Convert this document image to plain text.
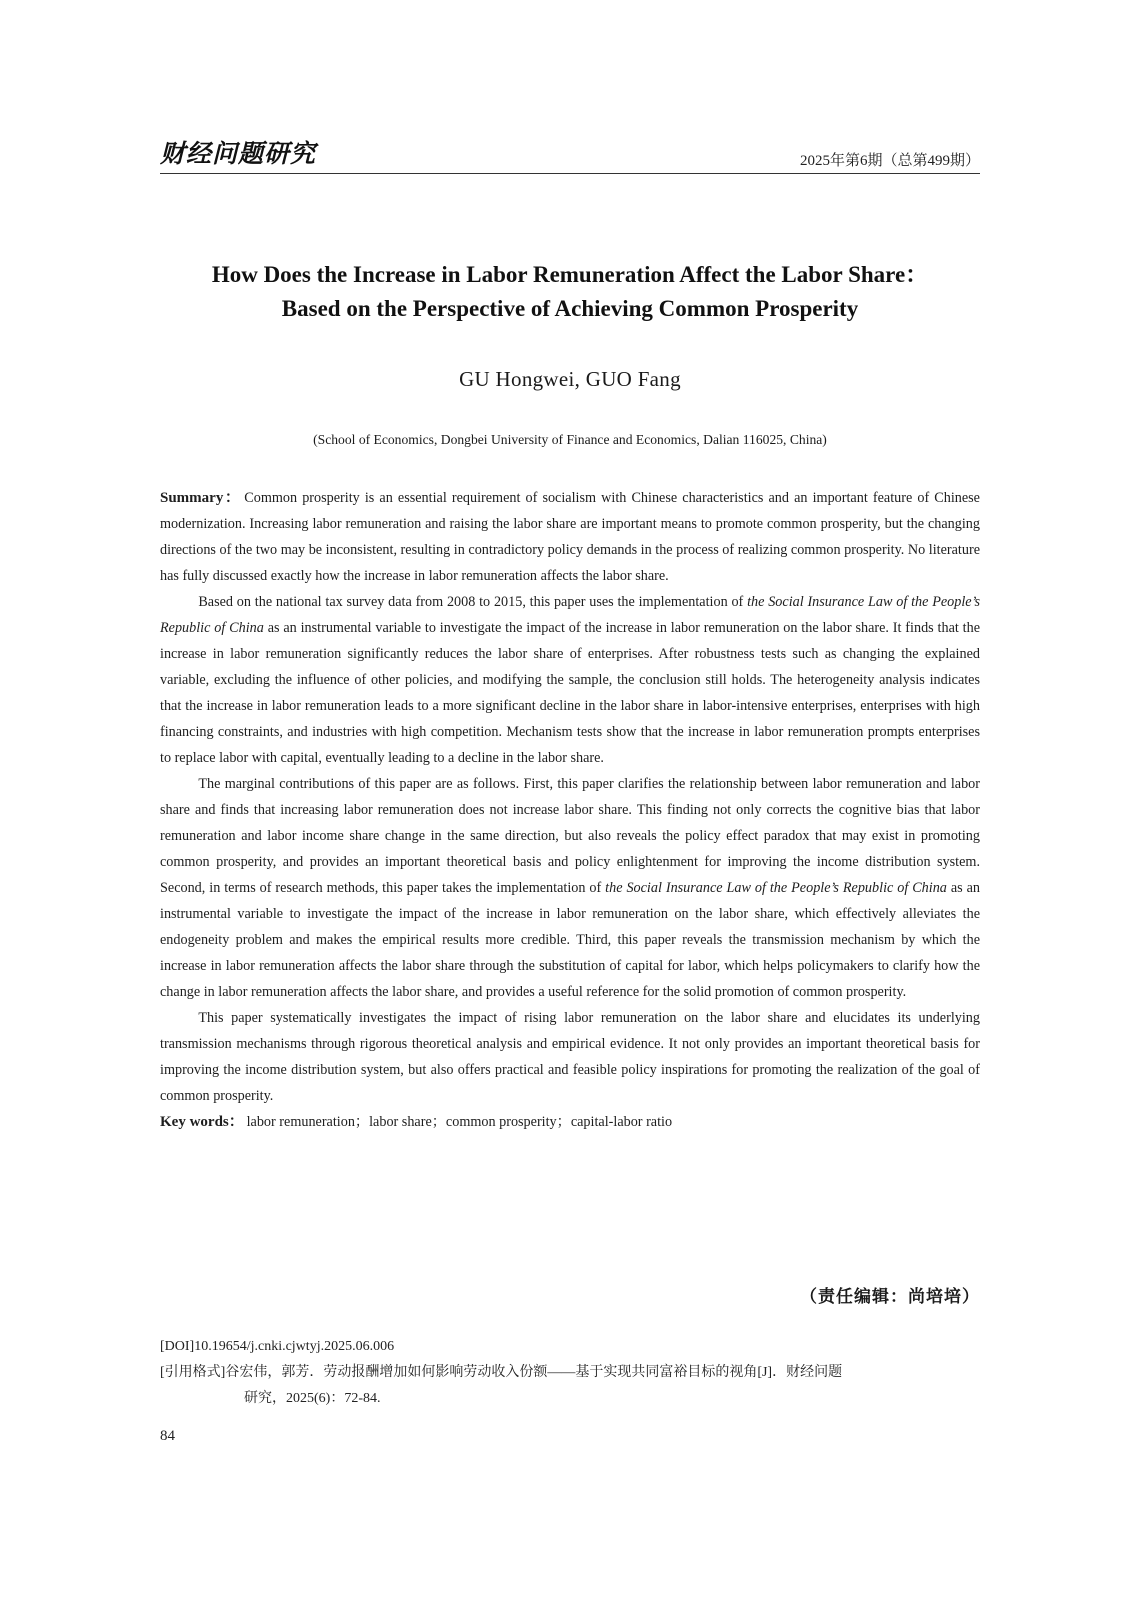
财经问题研究	2025年第6期（总第499期）
How Does the Increase in Labor Remuneration Affect the Labor Share：
Based on the Perspective of Achieving Common Prosperity
GU Hongwei, GUO Fang
(School of Economics, Dongbei University of Finance and Economics, Dalian 116025, China)

Summary：  Common prosperity is an essential requirement of socialism with Chinese characteristics and an important feature of Chinese modernization. Increasing labor remuneration and raising the labor share are important means to promote common prosperity, but the changing directions of the two may be inconsistent, resulting in contradictory policy demands in the process of realizing common prosperity. No literature has fully discussed exactly how the increase in labor remuneration affects the labor share.

Based on the national tax survey data from 2008 to 2015, this paper uses the implementation of the Social Insurance Law of the People’s Republic of China as an instrumental variable to investigate the impact of the increase in labor remuneration on the labor share. It finds that the increase in labor remuneration significantly reduces the labor share of enterprises. After robustness tests such as changing the explained variable, excluding the influence of other policies, and modifying the sample, the conclusion still holds. The heterogeneity analysis indicates that the increase in labor remuneration leads to a more significant decline in the labor share in labor-intensive enterprises, enterprises with high financing constraints, and industries with high competition. Mechanism tests show that the increase in labor remuneration prompts enterprises to replace labor with capital, eventually leading to a decline in the labor share.

The marginal contributions of this paper are as follows. First, this paper clarifies the relationship between labor remuneration and labor share and finds that increasing labor remuneration does not increase labor share. This finding not only corrects the cognitive bias that labor remuneration and labor income share change in the same direction, but also reveals the policy effect paradox that may exist in promoting common prosperity, and provides an important theoretical basis and policy enlightenment for improving the income distribution system. Second, in terms of research methods, this paper takes the implementation of the Social Insurance Law of the People’s Republic of China as an instrumental variable to investigate the impact of the increase in labor remuneration on the labor share, which effectively alleviates the endogeneity problem and makes the empirical results more credible. Third, this paper reveals the transmission mechanism by which the increase in labor remuneration affects the labor share through the substitution of capital for labor, which helps policymakers to clarify how the change in labor remuneration affects the labor share, and provides a useful reference for the solid promotion of common prosperity.

This paper systematically investigates the impact of rising labor remuneration on the labor share and elucidates its underlying transmission mechanisms through rigorous theoretical analysis and empirical evidence. It not only provides an important theoretical basis for improving the income distribution system, but also offers practical and feasible policy inspirations for promoting the realization of the goal of common prosperity.

Key words：  labor remuneration；labor share；common prosperity；capital-labor ratio

（责任编辑：尚培培）
[DOI]10.19654/j.cnki.cjwtyj.2025.06.006
[引用格式]谷宏伟，郭芳．劳动报酬增加如何影响劳动收入份额——基于实现共同富裕目标的视角[J]．财经问题
研究，2025(6)：72-84.
84
